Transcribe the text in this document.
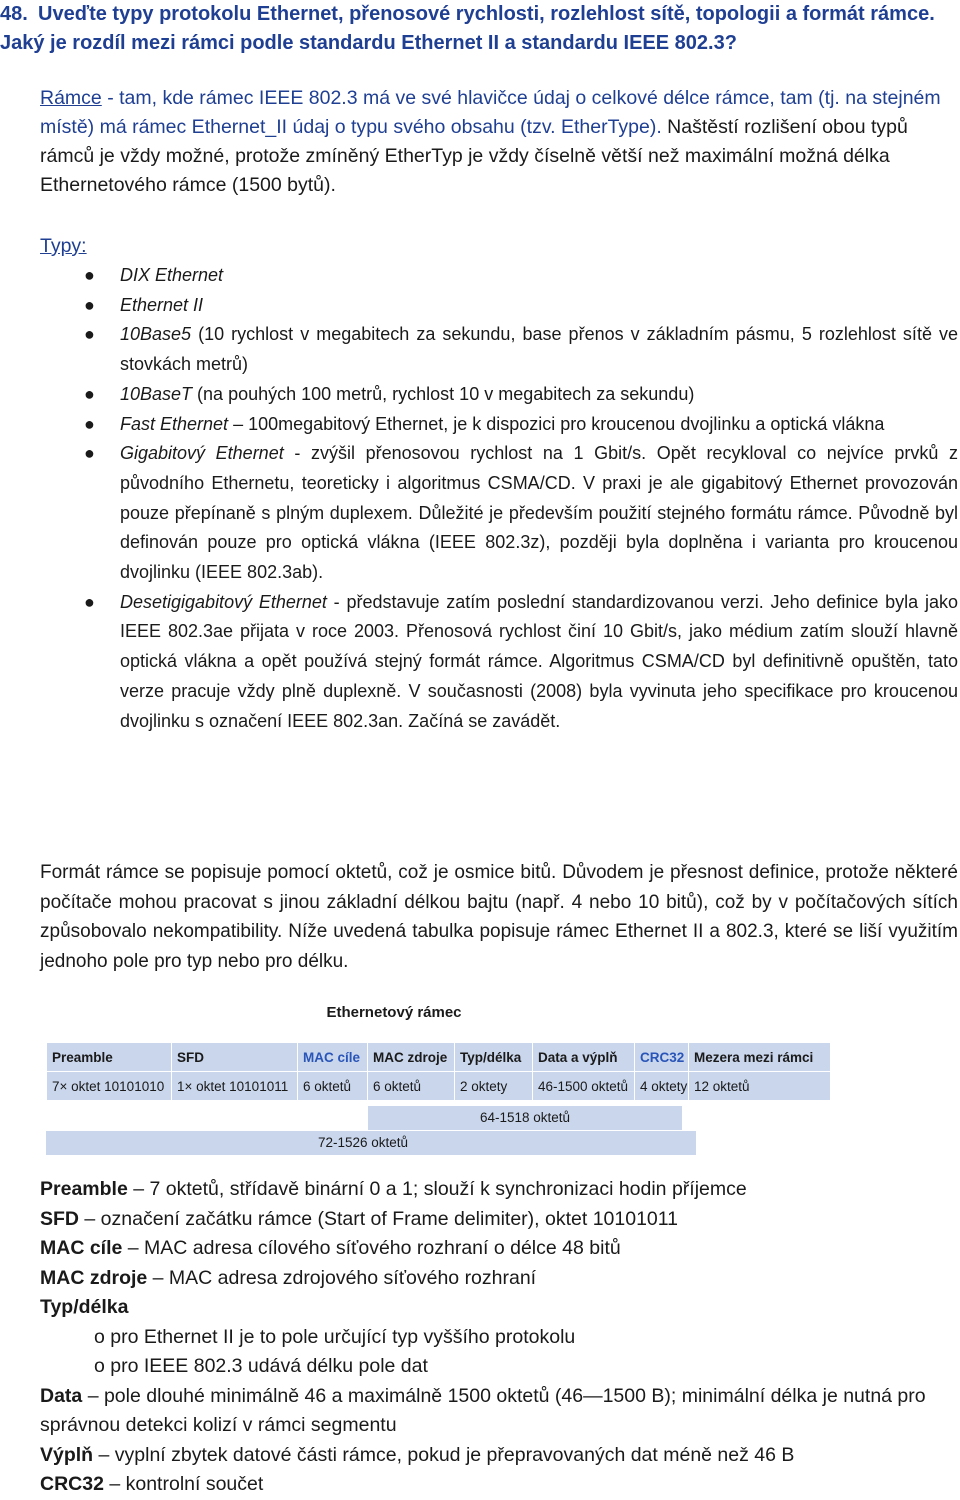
48. Uveďte typy protokolu Ethernet, přenosové rychlosti, rozlehlost sítě, topologii a formát rámce. Jaký je rozdíl mezi rámci podle standardu Ethernet II a standardu IEEE 802.3?

Rámce - tam, kde rámec IEEE 802.3 má ve své hlavičce údaj o celkové délce rámce, tam (tj. na stejném místě) má rámec Ethernet_II údaj o typu svého obsahu (tzv. EtherType). Naštěstí rozlišení obou typů rámců je vždy možné, protože zmíněný EtherTyp je vždy číselně větší než maximální možná délka Ethernetového rámce (1500 bytů).

Typy:
● DIX Ethernet
● Ethernet II
● 10Base5 (10 rychlost v megabitech za sekundu, base přenos v základním pásmu, 5 rozlehlost sítě ve stovkách metrů)
● 10BaseT (na pouhých 100 metrů, rychlost 10 v megabitech za sekundu)
● Fast Ethernet – 100megabitový Ethernet, je k dispozici pro kroucenou dvojlinku a optická vlákna
● Gigabitový Ethernet - zvýšil přenosovou rychlost na 1 Gbit/s. Opět recykloval co nejvíce prvků z původního Ethernetu, teoreticky i algoritmus CSMA/CD. V praxi je ale gigabitový Ethernet provozován pouze přepínaně s plným duplexem. Důležité je především použití stejného formátu rámce. Původně byl definován pouze pro optická vlákna (IEEE 802.3z), později byla doplněna i varianta pro kroucenou dvojlinku (IEEE 802.3ab).
● Desetigigabitový Ethernet - představuje zatím poslední standardizovanou verzi. Jeho definice byla jako IEEE 802.3ae přijata v roce 2003. Přenosová rychlost činí 10 Gbit/s, jako médium zatím slouží hlavně optická vlákna a opět používá stejný formát rámce. Algoritmus CSMA/CD byl definitivně opuštěn, tato verze pracuje vždy plně duplexně. V současnosti (2008) byla vyvinuta jeho specifikace pro kroucenou dvojlinku s označení IEEE 802.3an. Začíná se zavádět.

Formát rámce se popisuje pomocí oktetů, což je osmice bitů. Důvodem je přesnost definice, protože některé počítače mohou pracovat s jinou základní délkou bajtu (např. 4 nebo 10 bitů), což by v počítačových sítích způsobovalo nekompatibility. Níže uvedená tabulka popisuje rámec Ethernet II a 802.3, které se liší využitím jednoho pole pro typ nebo pro délku.

Ethernetový rámec
Preamble	SFD	MAC cíle	MAC zdroje	Typ/délka	Data a výplň	CRC32	Mezera mezi rámci
7× oktet 10101010	1× oktet 10101011	6 oktetů	6 oktetů	2 oktety	46-1500 oktetů	4 oktety	12 oktetů
64-1518 oktetů
72-1526 oktetů
Preamble – 7 oktetů, střídavě binární 0 a 1; slouží k synchronizaci hodin příjemce
SFD – označení začátku rámce (Start of Frame delimiter), oktet 10101011
MAC cíle – MAC adresa cílového síťového rozhraní o délce 48 bitů
MAC zdroje – MAC adresa zdrojového síťového rozhraní
Typ/délka
o pro Ethernet II je to pole určující typ vyššího protokolu
o pro IEEE 802.3 udává délku pole dat
Data – pole dlouhé minimálně 46 a maximálně 1500 oktetů (46—1500 B); minimální délka je nutná pro správnou detekci kolizí v rámci segmentu
Výplň – vyplní zbytek datové části rámce, pokud je přepravovaných dat méně než 46 B
CRC32 – kontrolní součet
